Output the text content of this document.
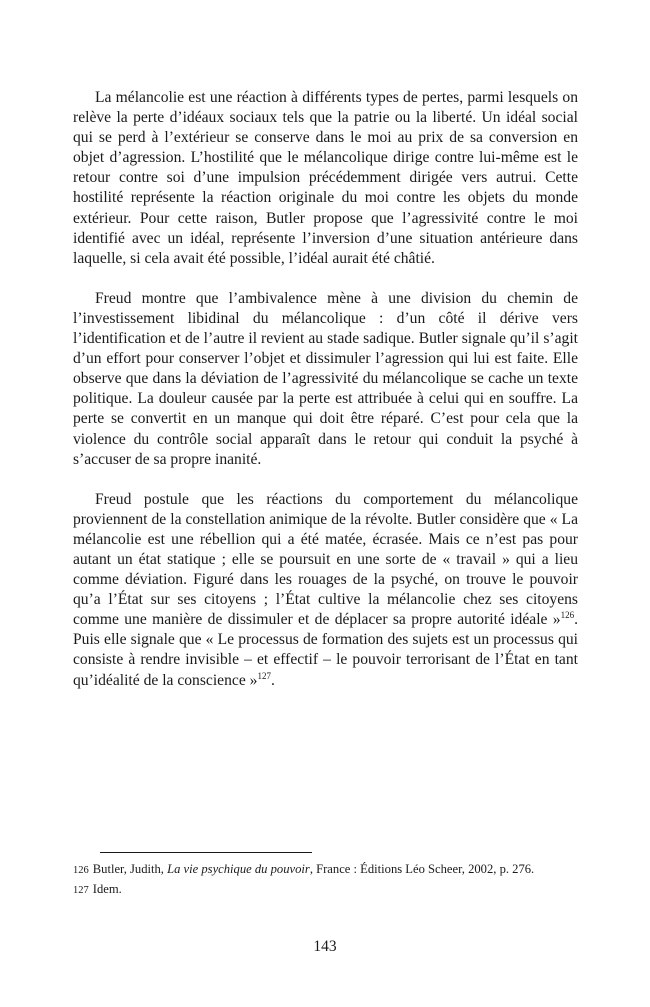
La mélancolie est une réaction à différents types de pertes, parmi lesquels on relève la perte d’idéaux sociaux tels que la patrie ou la liberté. Un idéal social qui se perd à l’extérieur se conserve dans le moi au prix de sa conversion en objet d’agression. L’hostilité que le mélancolique dirige contre lui-même est le retour contre soi d’une impulsion précédemment dirigée vers autrui. Cette hostilité représente la réaction originale du moi contre les objets du monde extérieur. Pour cette raison, Butler propose que l’agressivité contre le moi identifié avec un idéal, représente l’inversion d’une situation antérieure dans laquelle, si cela avait été possible, l’idéal aurait été châtié.

Freud montre que l’ambivalence mène à une division du chemin de l’investissement libidinal du mélancolique : d’un côté il dérive vers l’identification et de l’autre il revient au stade sadique. Butler signale qu’il s’agit d’un effort pour conserver l’objet et dissimuler l’agression qui lui est faite. Elle observe que dans la déviation de l’agressivité du mélancolique se cache un texte politique. La douleur causée par la perte est attribuée à celui qui en souffre. La perte se convertit en un manque qui doit être réparé. C’est pour cela que la violence du contrôle social apparaît dans le retour qui conduit la psyché à s’accuser de sa propre inanité.

Freud postule que les réactions du comportement du mélancolique proviennent de la constellation animique de la révolte. Butler considère que « La mélancolie est une rébellion qui a été matée, écrasée. Mais ce n’est pas pour autant un état statique ; elle se poursuit en une sorte de « travail » qui a lieu comme déviation. Figuré dans les rouages de la psyché, on trouve le pouvoir qu’a l’État sur ses citoyens ; l’État cultive la mélancolie chez ses citoyens comme une manière de dissimuler et de déplacer sa propre autorité idéale »$^{126}$. Puis elle signale que « Le processus de formation des sujets est un processus qui consiste à rendre invisible – et effectif – le pouvoir terrorisant de l’État en tant qu’idéalité de la conscience »$^{127}$.

126 Butler, Judith, La vie psychique du pouvoir, France : Éditions Léo Scheer, 2002, p. 276.

127 Idem.

143
